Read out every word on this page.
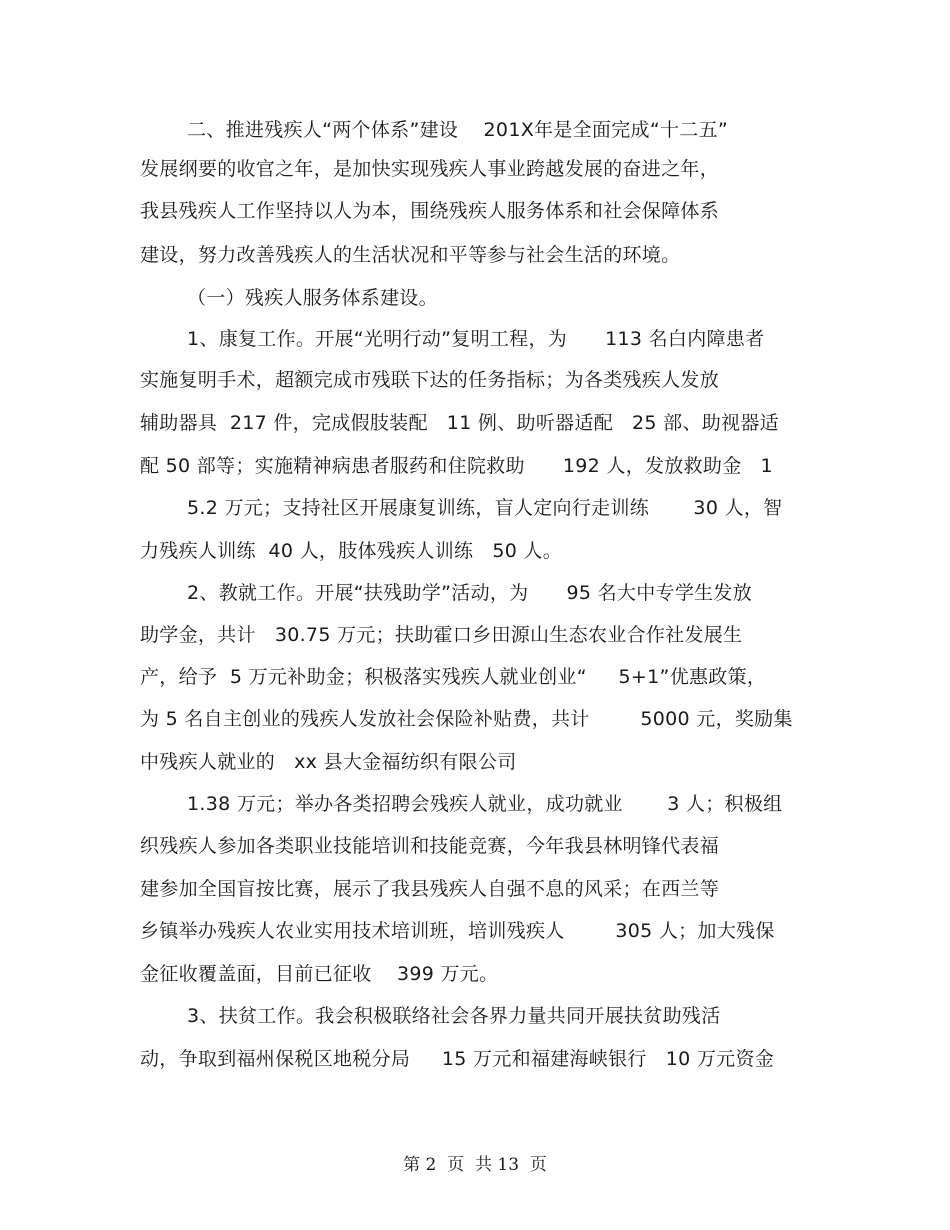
二、推进残疾人“两个体系”建设    201X年是全面完成“十二五”
发展纲要的收官之年，是加快实现残疾人事业跨越发展的奋进之年，
我县残疾人工作坚持以人为本，围绕残疾人服务体系和社会保障体系
建设，努力改善残疾人的生活状况和平等参与社会生活的环境。
（一）残疾人服务体系建设。
1、康复工作。开展“光明行动”复明工程，为      113 名白内障患者
实施复明手术，超额完成市残联下达的任务指标；为各类残疾人发放
辅助器具  217 件，完成假肢装配   11 例、助听器适配   25 部、助视器适
配 50 部等；实施精神病患者服药和住院救助      192 人，发放救助金   1
5.2 万元；支持社区开展康复训练，盲人定向行走训练       30 人，智
力残疾人训练  40 人，肢体残疾人训练   50 人。
2、教就工作。开展“扶残助学”活动，为      95 名大中专学生发放
助学金，共计   30.75 万元；扶助霍口乡田源山生态农业合作社发展生
产，给予  5 万元补助金；积极落实残疾人就业创业“     5+1”优惠政策，
为 5 名自主创业的残疾人发放社会保险补贴费，共计        5000 元，奖励集
中残疾人就业的   xx 县大金福纺织有限公司
1.38 万元；举办各类招聘会残疾人就业，成功就业       3 人；积极组
织残疾人参加各类职业技能培训和技能竞赛，今年我县林明锋代表福
建参加全国盲按比赛，展示了我县残疾人自强不息的风采；在西兰等
乡镇举办残疾人农业实用技术培训班，培训残疾人        305 人；加大残保
金征收覆盖面，目前已征收    399 万元。
3、扶贫工作。我会积极联络社会各界力量共同开展扶贫助残活
动，争取到福州保税区地税分局     15 万元和福建海峡银行   10 万元资金
第 2  页  共 13  页
